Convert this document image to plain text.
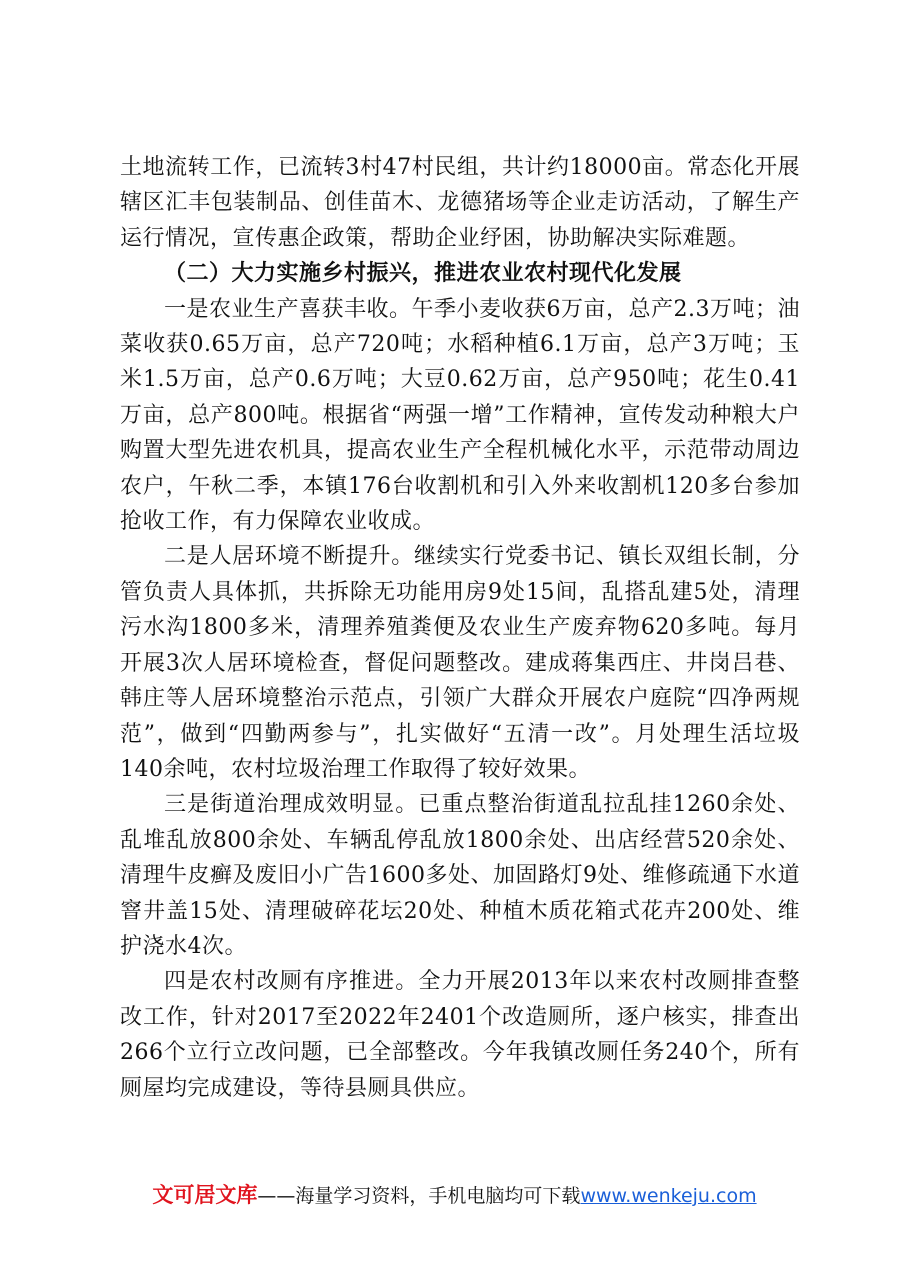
土地流转工作，已流转3村47村民组，共计约18000亩。常态化开展辖区汇丰包装制品、创佳苗木、龙德猪场等企业走访活动，了解生产运行情况，宣传惠企政策，帮助企业纾困，协助解决实际难题。

（二）大力实施乡村振兴，推进农业农村现代化发展

一是农业生产喜获丰收。午季小麦收获6万亩，总产2.3万吨；油菜收获0.65万亩，总产720吨；水稻种植6.1万亩，总产3万吨；玉米1.5万亩，总产0.6万吨；大豆0.62万亩，总产950吨；花生0.41万亩，总产800吨。根据省“两强一增”工作精神，宣传发动种粮大户购置大型先进农机具，提高农业生产全程机械化水平，示范带动周边农户，午秋二季，本镇176台收割机和引入外来收割机120多台参加抢收工作，有力保障农业收成。

二是人居环境不断提升。继续实行党委书记、镇长双组长制，分管负责人具体抓，共拆除无功能用房9处15间，乱搭乱建5处，清理污水沟1800多米，清理养殖粪便及农业生产废弃物620多吨。每月开展3次人居环境检查，督促问题整改。建成蒋集西庄、井岗吕巷、韩庄等人居环境整治示范点，引领广大群众开展农户庭院“四净两规范”，做到“四勤两参与”，扎实做好“五清一改”。月处理生活垃圾140余吨，农村垃圾治理工作取得了较好效果。

三是街道治理成效明显。已重点整治街道乱拉乱挂1260余处、乱堆乱放800余处、车辆乱停乱放1800余处、出店经营520余处、清理牛皮癣及废旧小广告1600多处、加固路灯9处、维修疏通下水道窨井盖15处、清理破碎花坛20处、种植木质花箱式花卉200处、维护浇水4次。

四是农村改厕有序推进。全力开展2013年以来农村改厕排查整改工作，针对2017至2022年2401个改造厕所，逐户核实，排查出266个立行立改问题，已全部整改。今年我镇改厕任务240个，所有厕屋均完成建设，等待县厕具供应。

文可居文库——海量学习资料，手机电脑均可下载www.wenkeju.com
